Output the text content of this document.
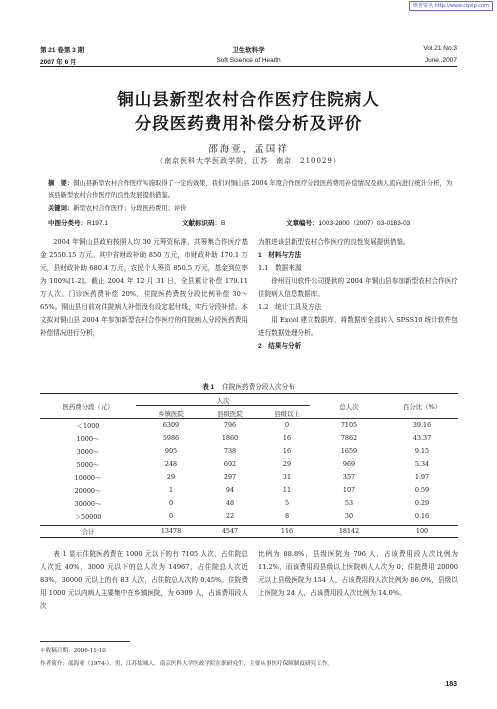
维普资讯 http://www.cqvip.com
第 21 卷第 3 期
2007 年 6 月
卫生软科学
Soft Science of Health
Vol.21 No.3
June.,2007
铜山县新型农村合作医疗住院病人
分段医药费用补偿分析及评价
邵海亚，孟国祥
（南京医科大学医政学院，江苏　南京　210029）
摘　要：铜山县新型农村合作医疗实施取得了一定的效果，我们对铜山县 2004 年度合作医疗分段医药费用补偿情况及病人流向进行统计分析，为该县新型农村合作医疗的良性发展提供借鉴。
关键词：新型农村合作医疗；分段医药费用；评价
中图分类号：R197.1	文献标识码：B	文章编号：1003-2800（2007）03-0183-03

2004 年铜山县政府按照人均 30 元筹资标准，共筹集合作医疗基金 2550.15 万元。其中省财政补助 850 万元，市财政补助 170.1 万元，县财政补助 680.4 万元，农民个人筹资 850.5 万元，基金到位率为 100%[1-2]。截止 2004 年 12 月 31 日，全县累计补偿 179.11 万人次。门诊医药费补偿 20%，住院医药费按分段比例补偿 30～65%。铜山县目前对住院病人补偿没有设定起付线，实行分段补偿。本文拟对铜山县 2004 年参加新型农村合作医疗的住院病人分段医药费用补偿情况进行分析，

为推进该县新型农村合作医疗的良性发展提供借鉴。

1　材料与方法

1.1　数据来源

徐州百川软件公司提供的 2004 年铜山县参加新型农村合作医疗住院病人信息数据库。

1.2　统计工具及方法

用 Excel 建立数据库，将数据库全部转入 SPSS10 统计软件包进行数据处理分析。

2　结果与分析

表 1 住院医药费分段人次分布
医药费分段（元）
人次
乡镇医院	县级医院	县级以上
总人次	百分比（%）
＜1000	6309	796	0	7105	39.16
1000～	5986	1860	16	7862	43.37
3000～	905	738	16	1659	9.15
5000～	248	692	29	969	5.34
10000～	29	297	31	357	1.97
20000～	1	94	11	107	0.59
30000～	0	48	5	53	0.29
＞50000	0	22	8	30	0.16
合计	13478	4547	116	18142	100

表 1 显示住院医药费在 1000 元以下的有 7105 人次，占住院总人次近 40%，3000 元以下的总人次为 14967，占住院总人次近 83%，30000 元以上的有 83 人次，占住院总人次的 0.45%。住院费用 1000 元以内病人主要集中在乡镇医院，为 6309 人，占该费用段人次

比例为 88.8%，县级医院为 796 人，占该费用段人次比例为 11.2%，而该费用段县级以上医院病人人次为 0；住院费用 20000 元以上县级医院为 154 人，占该费用段人次比例为 86.0%，县级以上医院为 24 人，占该费用段人次比例为 14.0%。

＊收稿日期：2006-11-10
作者简介：邵海亚（1974-），男，江苏盐城人，南京医科大学医政学院在职研究生，主要从事医疗保障制度研究工作。
183
